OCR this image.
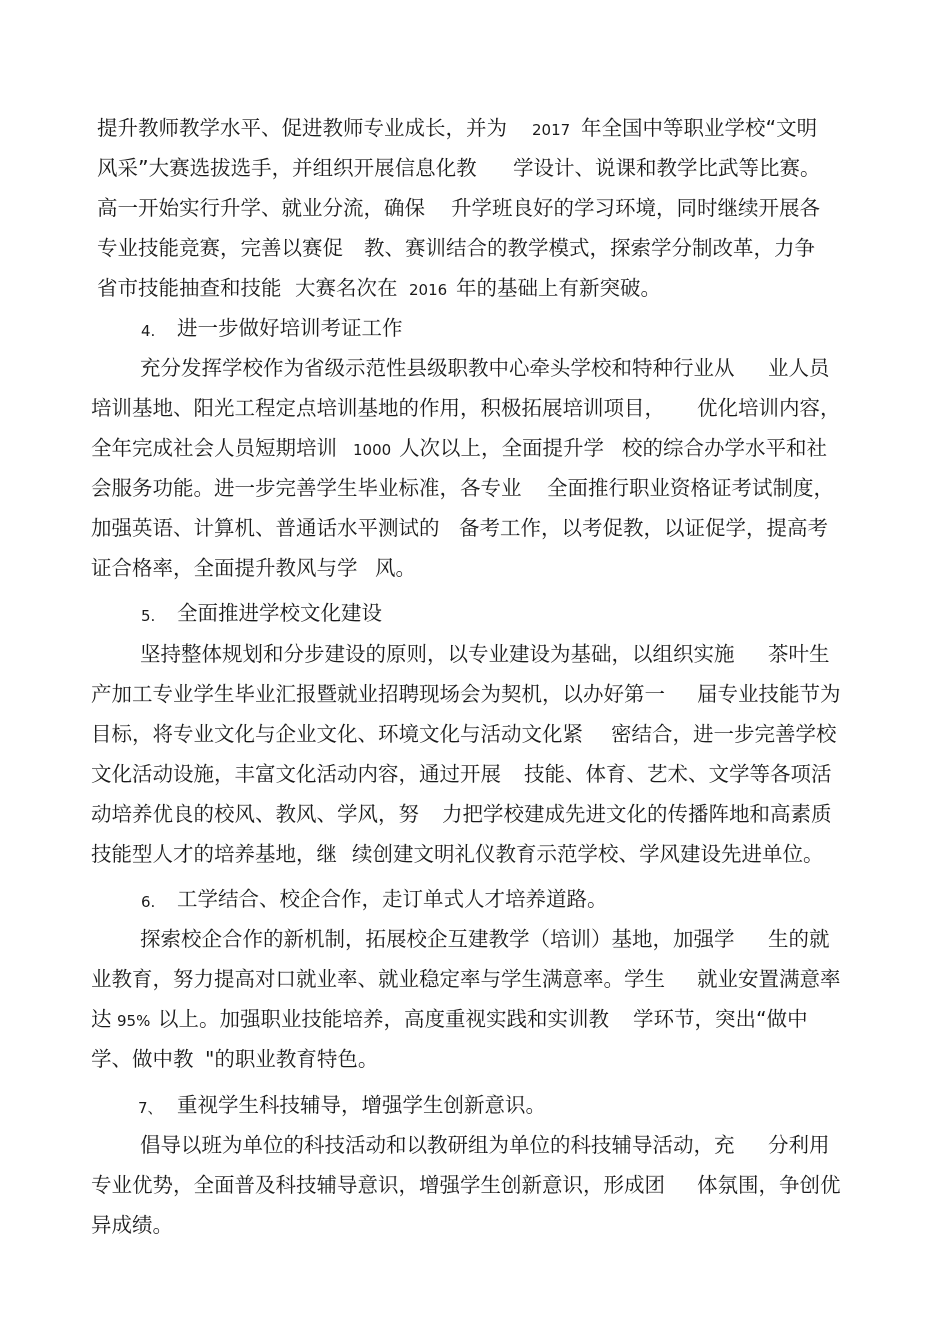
提升教师教学水平、促进教师专业成长，并为 2017 年全国中等职业学校“文明

风采”大赛选拔选手，并组织开展信息化教 学设计、说课和教学比武等比赛。

高一开始实行升学、就业分流，确保 升学班良好的学习环境，同时继续开展各

专业技能竞赛，完善以赛促 教、赛训结合的教学模式，探索学分制改革，力争

省市技能抽查和技能 大赛名次在 2016 年的基础上有新突破。

4. 进一步做好培训考证工作

充分发挥学校作为省级示范性县级职教中心牵头学校和特种行业从 业人员

培训基地、阳光工程定点培训基地的作用，积极拓展培训项目， 优化培训内容，

全年完成社会人员短期培训 1000 人次以上，全面提升学 校的综合办学水平和社

会服务功能。进一步完善学生毕业标准，各专业 全面推行职业资格证考试制度，

加强英语、计算机、普通话水平测试的 备考工作，以考促教，以证促学，提高考

证合格率，全面提升教风与学 风。

5. 全面推进学校文化建设

坚持整体规划和分步建设的原则，以专业建设为基础，以组织实施 茶叶生

产加工专业学生毕业汇报暨就业招聘现场会为契机，以办好第一 届专业技能节为

目标，将专业文化与企业文化、环境文化与活动文化紧 密结合，进一步完善学校

文化活动设施，丰富文化活动内容，通过开展 技能、体育、艺术、文学等各项活

动培养优良的校风、教风、学风，努 力把学校建成先进文化的传播阵地和高素质

技能型人才的培养基地，继 续创建文明礼仪教育示范学校、学风建设先进单位。

6. 工学结合、校企合作，走订单式人才培养道路。

探索校企合作的新机制，拓展校企互建教学（培训）基地，加强学 生的就

业教育，努力提高对口就业率、就业稳定率与学生满意率。学生 就业安置满意率

达 95% 以上。加强职业技能培养，高度重视实践和实训教 学环节，突出“做中

学、做中教 "的职业教育特色。

7、 重视学生科技辅导，增强学生创新意识。

倡导以班为单位的科技活动和以教研组为单位的科技辅导活动，充 分利用

专业优势，全面普及科技辅导意识，增强学生创新意识，形成团 体氛围，争创优

异成绩。
